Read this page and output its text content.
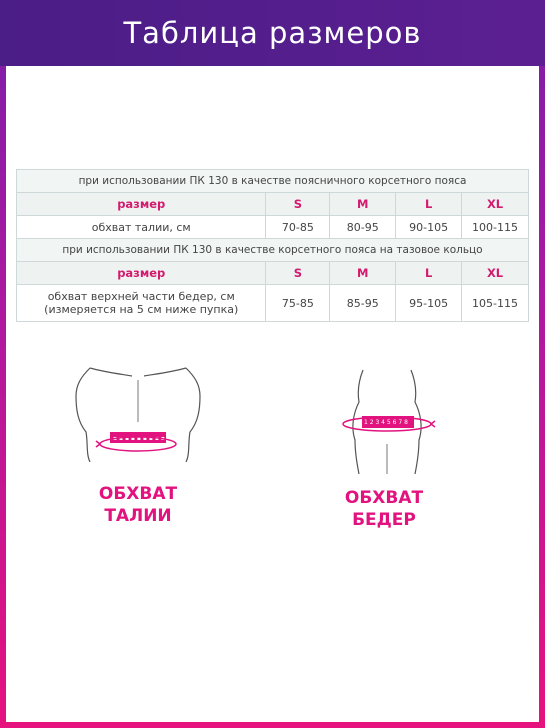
Таблица размеров
при использовании ПК 130 в качестве поясничного корсетного пояса				
размер	S	M	L	XL
обхват талии, см	70-85	80-95	90-105	100-115
при использовании ПК 130 в качестве корсетного пояса на тазовое кольцо				
размер	S	M	L	XL
обхват верхней части бедер, см
(измеряется на 5 см ниже пупка)	75-85	85-95	95-105	105-115
▪ ▪ ▪ ▪ ▪ ▪ ▪ ▪ ▪
ОБХВАТ
ТАЛИИ
1 2 3 4 5 6 7 8
ОБХВАТ
БЕДЕР
